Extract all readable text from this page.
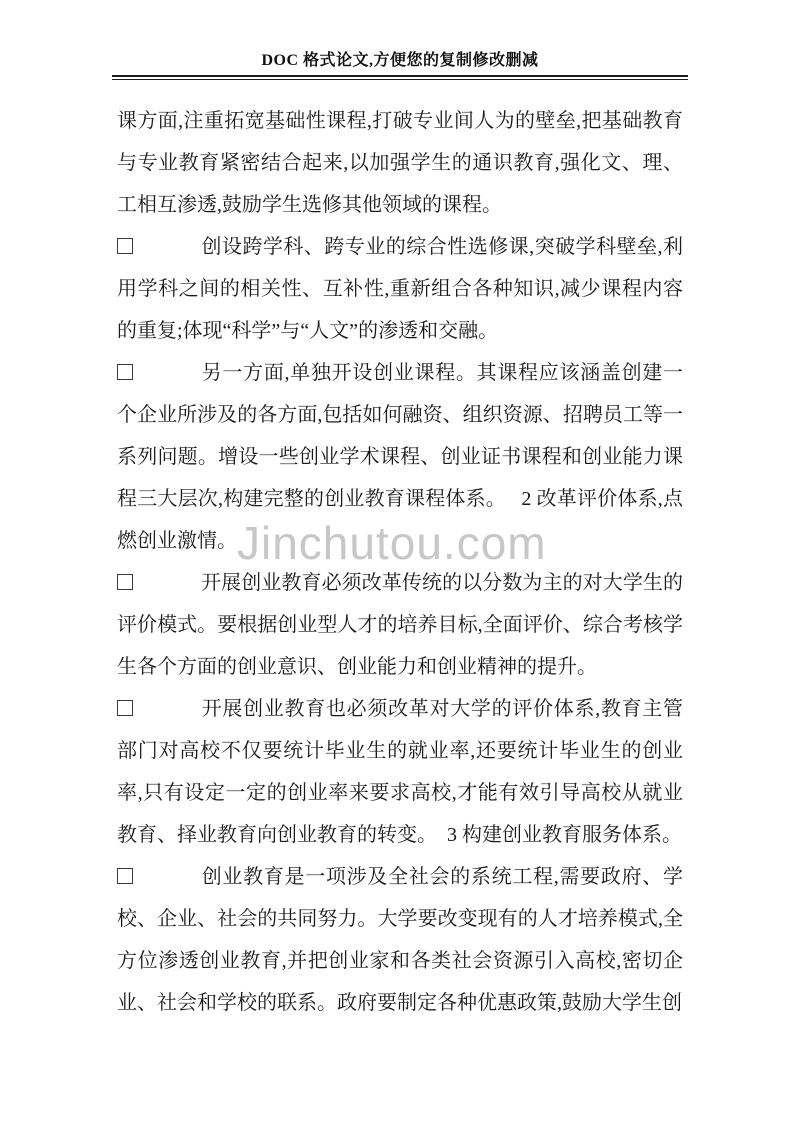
DOC 格式论文,方便您的复制修改删减
Jinchutou.com

课方面,注重拓宽基础性课程,打破专业间人为的壁垒,把基础教育与专业教育紧密结合起来,以加强学生的通识教育,强化文、理、工相互渗透,鼓励学生选修其他领域的课程。

创设跨学科、跨专业的综合性选修课,突破学科壁垒,利用学科之间的相关性、互补性,重新组合各种知识,减少课程内容的重复;体现“科学”与“人文”的渗透和交融。

另一方面,单独开设创业课程。其课程应该涵盖创建一个企业所涉及的各方面,包括如何融资、组织资源、招聘员工等一系列问题。增设一些创业学术课程、创业证书课程和创业能力课程三大层次,构建完整的创业教育课程体系。　 2 改革评价体系,点燃创业激情。

开展创业教育必须改革传统的以分数为主的对大学生的评价模式。要根据创业型人才的培养目标,全面评价、综合考核学生各个方面的创业意识、创业能力和创业精神的提升。

开展创业教育也必须改革对大学的评价体系,教育主管部门对高校不仅要统计毕业生的就业率,还要统计毕业生的创业率,只有设定一定的创业率来要求高校,才能有效引导高校从就业教育、择业教育向创业教育的转变。　3 构建创业教育服务体系。

创业教育是一项涉及全社会的系统工程,需要政府、学校、企业、社会的共同努力。大学要改变现有的人才培养模式,全方位渗透创业教育,并把创业家和各类社会资源引入高校,密切企业、社会和学校的联系。政府要制定各种优惠政策,鼓励大学生创
